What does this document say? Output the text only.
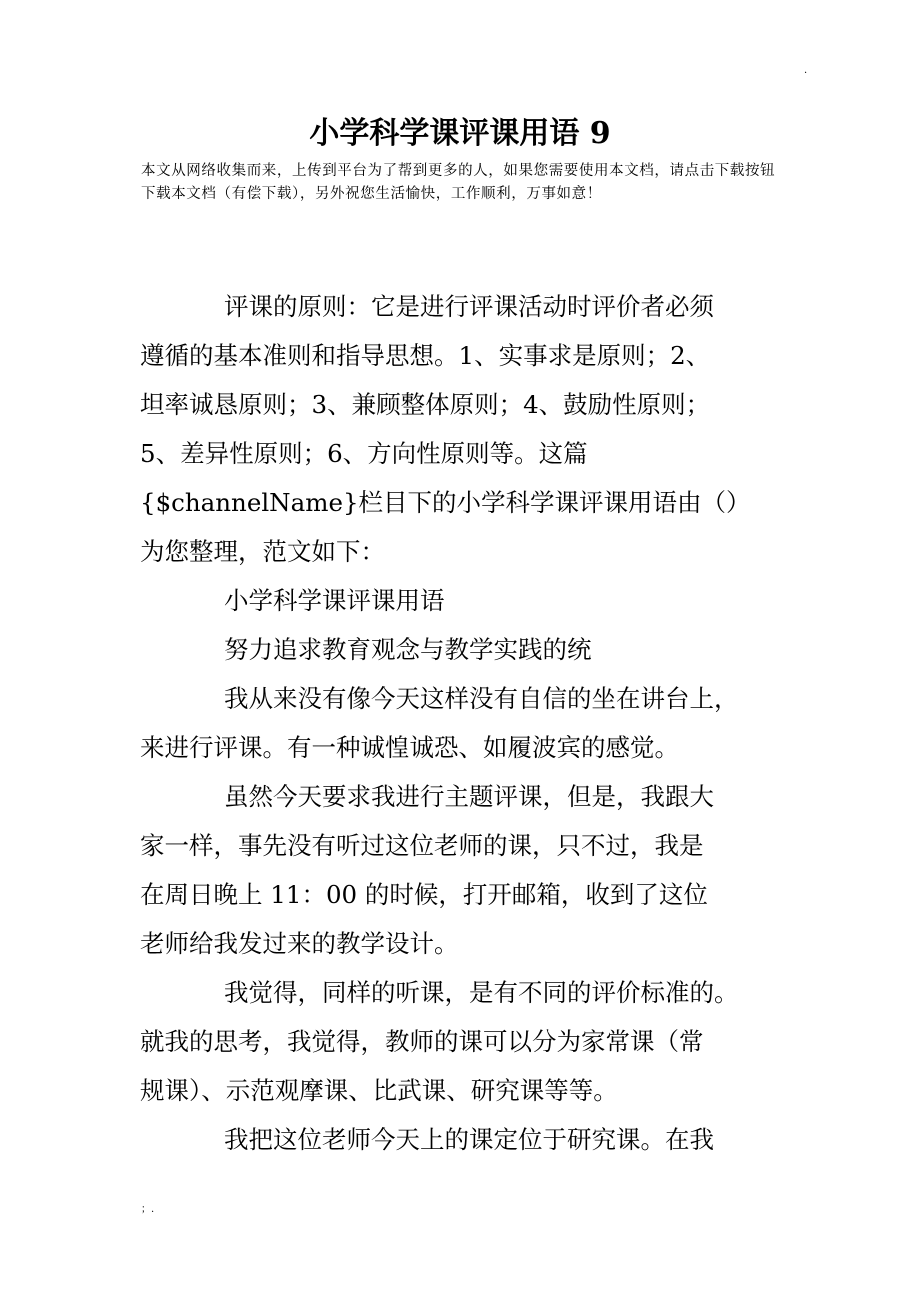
.
小学科学课评课用语 9

本文从网络收集而来，上传到平台为了帮到更多的人，如果您需要使用本文档，请点击下载按钮下载本文档（有偿下载），另外祝您生活愉快，工作顺利，万事如意！

评课的原则：它是进行评课活动时评价者必须
遵循的基本准则和指导思想。1、实事求是原则；2、
坦率诚恳原则；3、兼顾整体原则；4、鼓励性原则；
5、差异性原则；6、方向性原则等。这篇
{$channelName}栏目下的小学科学课评课用语由（）
为您整理，范文如下：
小学科学课评课用语
努力追求教育观念与教学实践的统
我从来没有像今天这样没有自信的坐在讲台上，
来进行评课。有一种诚惶诚恐、如履波宾的感觉。
虽然今天要求我进行主题评课，但是，我跟大
家一样，事先没有听过这位老师的课，只不过，我是
在周日晚上 11：00 的时候，打开邮箱，收到了这位
老师给我发过来的教学设计。
我觉得，同样的听课，是有不同的评价标准的。
就我的思考，我觉得，教师的课可以分为家常课（常
规课）、示范观摩课、比武课、研究课等等。
我把这位老师今天上的课定位于研究课。在我
；.
